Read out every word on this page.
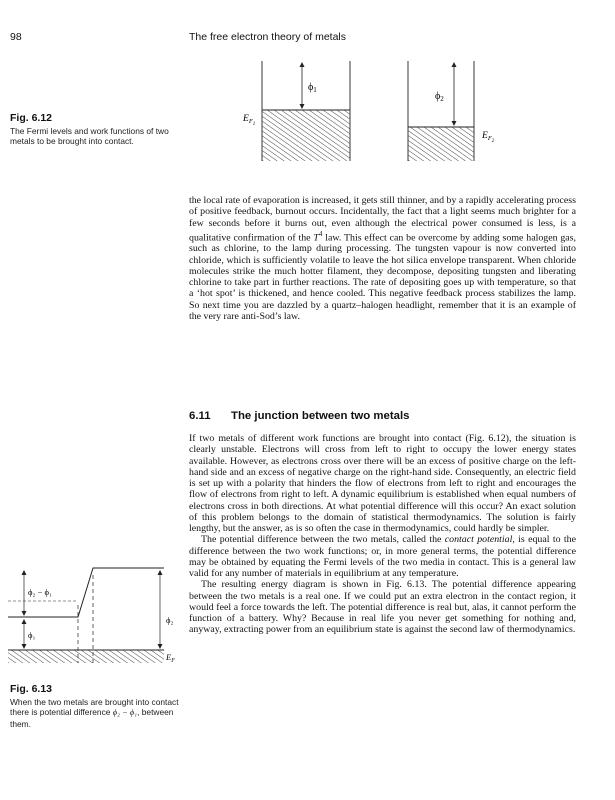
98	The free electron theory of metals
Fig. 6.12
The Fermi levels and work functions of two metals to be brought into contact.
$\phi_1$
$E_{F1}$
$\phi_2$
$E_{F2}$

the local rate of evaporation is increased, it gets still thinner, and by a rapidly accelerating process of positive feedback, burnout occurs. Incidentally, the fact that a light seems much brighter for a few seconds before it burns out, even although the electrical power consumed is less, is a qualitative confirmation of the $T^4$ law. This effect can be overcome by adding some halogen gas, such as chlorine, to the lamp during processing. The tungsten vapour is now converted into chloride, which is sufficiently volatile to leave the hot silica envelope transparent. When chloride molecules strike the much hotter filament, they decompose, depositing tungsten and liberating chlorine to take part in further reactions. The rate of depositing goes up with temperature, so that a ‘hot spot’ is thickened, and hence cooled. This negative feedback process stabilizes the lamp. So next time you are dazzled by a quartz–halogen headlight, remember that it is an example of the very rare anti-Sod’s law.

6.11 The junction between two metals

If two metals of different work functions are brought into contact (Fig. 6.12), the situation is clearly unstable. Electrons will cross from left to right to occupy the lower energy states available. However, as electrons cross over there will be an excess of positive charge on the left-hand side and an excess of negative charge on the right-hand side. Consequently, an electric field is set up with a polarity that hinders the flow of electrons from left to right and encourages the flow of electrons from right to left. A dynamic equilibrium is established when equal numbers of electrons cross in both directions. At what potential difference will this occur? An exact solution of this problem belongs to the domain of statistical thermodynamics. The solution is fairly lengthy, but the answer, as is so often the case in thermodynamics, could hardly be simpler.

The potential difference between the two metals, called the contact potential, is equal to the difference between the two work functions; or, in more general terms, the potential difference may be obtained by equating the Fermi levels of the two media in contact. This is a general law valid for any number of materials in equilibrium at any temperature.

The resulting energy diagram is shown in Fig. 6.13. The potential difference appearing between the two metals is a real one. If we could put an extra electron in the contact region, it would feel a force towards the left. The potential difference is real but, alas, it cannot perform the function of a battery. Why? Because in real life you never get something for nothing and, anyway, extracting power from an equilibrium state is against the second law of thermodynamics.

ϕ₂ − ϕ₁
ϕ₁
ϕ₂
$E_F$
Fig. 6.13
When the two metals are brought into contact there is potential difference ϕ₂ − ϕ₁, between them.
